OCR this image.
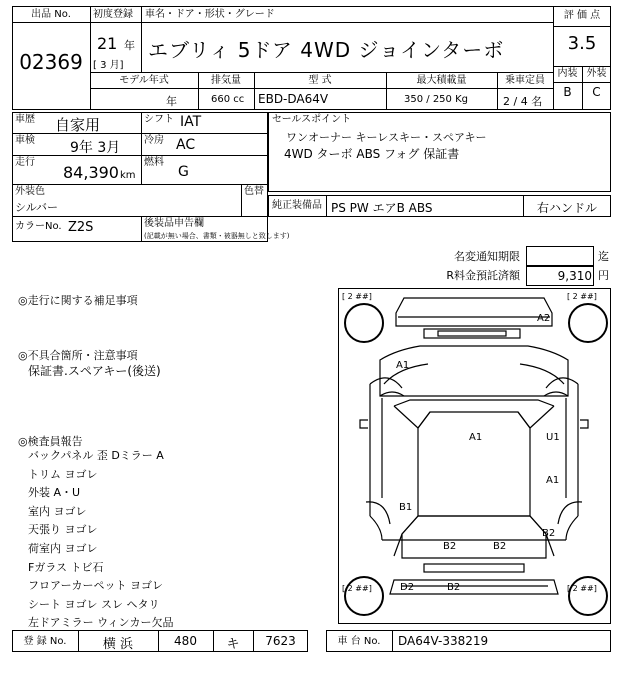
出品 No.
02369
初度登録
21 年
[ 3 月]
車名・ドア・形状・グレード
エブリィ 5ドア 4WD ジョインターボ
評 価 点
3.5
内装 外装
B	C
モデル年式	排気量	型 式	最大積載量	乗車定員
年	660 cc EBD-DA64V	350 / 250 Kg	2 / 4 名
車歴 自家用	シフト IAT
車検	9年 3月 冷房 AC
走行
84,390 km
燃料
G
外装色
シルバー
色替
カラーNo. Z2S	後装品申告欄
(記載が無い場合、書類・被器無しと致します)
セールスポイント
ワンオーナー キーレスキー・スペアキー
4WD ターボ ABS フォグ 保証書
純正装備品 PS PW エアB ABS	右ハンドル
名変通知期限	迄
R料金預託済額	9,310 円
◎走行に関する補足事項
◎不具合箇所・注意事項
保証書.スペアキー(後送)
◎検査員報告
バックパネル 歪 Dミラー A
トリム ヨゴレ
外装 A・U
室内 ヨゴレ
天張り ヨゴレ
荷室内 ヨゴレ
Fガラス トビ石
フロアーカーペット ヨゴレ
シート ヨゴレ スレ ヘタリ
左ドアミラー ウィンカー欠品
[ 2 ##]	[ 2 ##]
[ 2 ##]	[ 2 ##]
A2
A1
A1	U1
A1
B1
B2
B2	B2
D2	B2
登 録 No.	横 浜	480	キ	7623	車 台 No.	DA64V-338219
